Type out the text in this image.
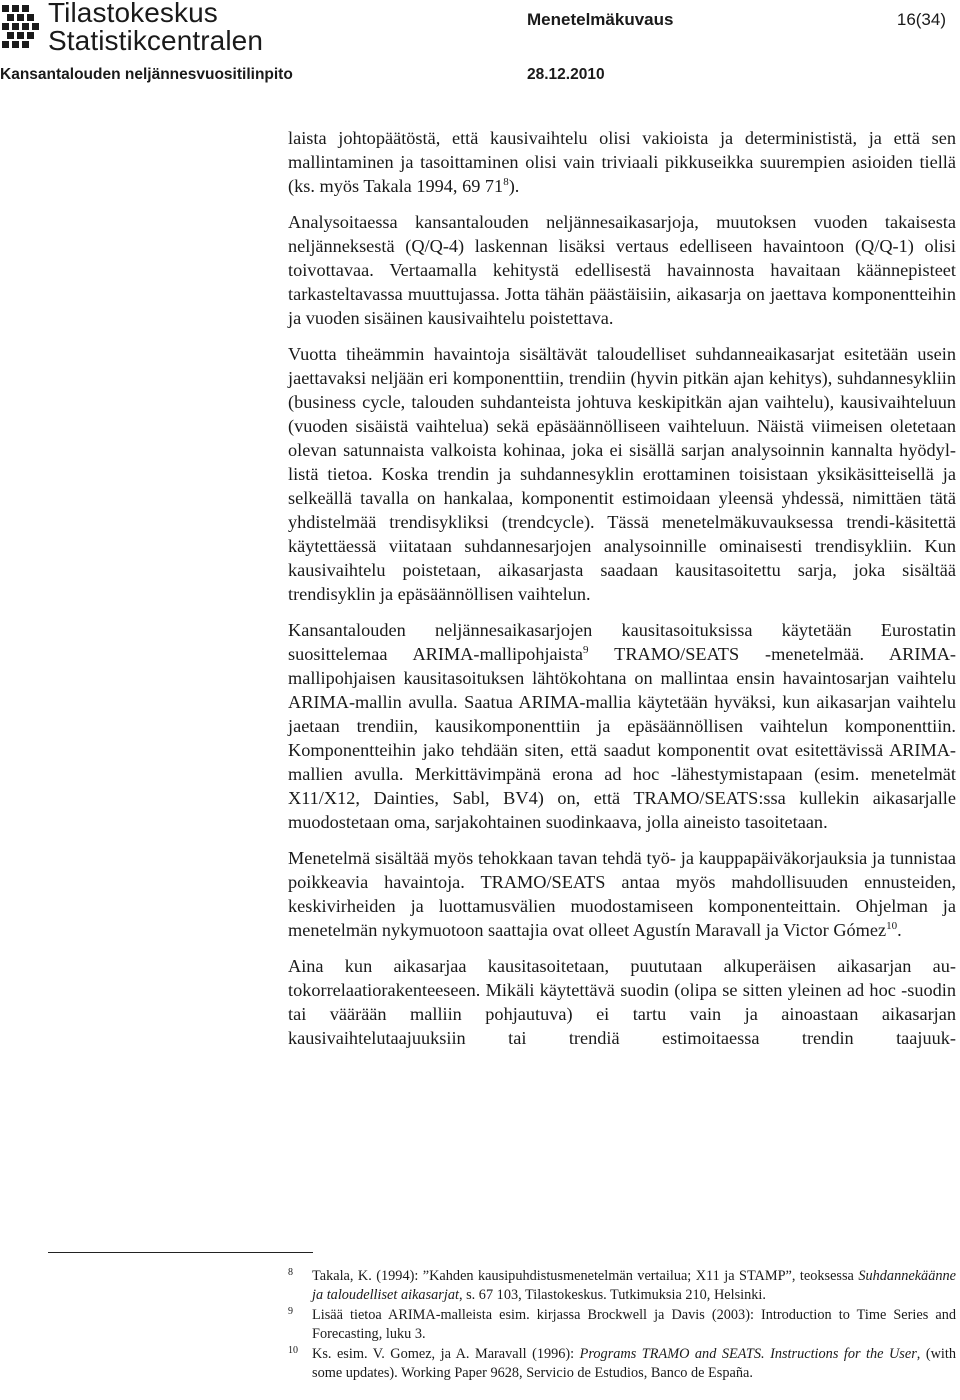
Tilastokeskus
Statistikcentralen
Menetelmäkuvaus	16(34)
Kansantalouden neljännesvuositilinpito	28.12.2010

laista johtopäätöstä, että kausivaihtelu olisi vakioista ja determinististä, ja että sen mallintaminen ja tasoittaminen olisi vain triviaali pikkuseikka suurempien asioiden tiellä (ks. myös Takala 1994, 69 $71^8$).

Analysoitaessa kansantalouden neljännesaikasarjoja, muutoksen vuoden takaisesta neljänneksestä (Q/Q-4) laskennan lisäksi vertaus edelliseen havaintoon (Q/Q-1) olisi toivottavaa. Vertaamalla kehitystä edellisestä havainnosta havaitaan käännepisteet tarkasteltavassa muuttujassa. Jotta tähän päästäisiin, aikasarja on jaettava komponentteihin ja vuoden sisäinen kausivaihtelu poistettava.

Vuotta tiheämmin havaintoja sisältävät taloudelliset suhdanneaikasarjat esitetään usein jaettavaksi neljään eri komponenttiin, trendiin (hyvin pitkän ajan kehitys), suhdannesykliin (business cycle, talouden suhdanteista johtuva keskipitkän ajan vaihtelu), kausivaihteluun (vuoden sisäistä vaihtelua) sekä epäsäännölliseen vaihteluun. Näistä viimeisen oletetaan olevan satunnaista valkoista kohinaa, joka ei sisällä sarjan analysoinnin kannalta hyödyllistä tietoa. Koska trendin ja suhdannesyklin erottaminen toisistaan yksikäsitteisellä ja selkeällä tavalla on hankalaa, komponentit estimoidaan yleensä yhdessä, nimittäen tätä yhdistelmää trendisykliksi (trendcycle). Tässä menetelmäkuvauksessa trendi-käsitettä käytettäessä viitataan suhdannesarjojen analysoinnille ominaisesti trendisykliin. Kun kausivaihtelu poistetaan, aikasarjasta saadaan kausitasoitettu sarja, joka sisältää trendisyklin ja epäsäännöllisen vaihtelun.

Kansantalouden neljännesaikasarjojen kausitasoituksissa käytetään Eurostatin suosittelemaa ARIMA-mallipohjaista$^9$ TRAMO/SEATS -menetelmää. ARIMA-mallipohjaisen kausitasoituksen lähtökohtana on mallintaa ensin havaintosarjan vaihtelu ARIMA-mallin avulla. Saatua ARIMA-mallia käytetään hyväksi, kun aikasarjan vaihtelu jaetaan trendiin, kausikomponenttiin ja epäsäännöllisen vaihtelun komponenttiin. Komponentteihin jako tehdään siten, että saadut komponentit ovat esitettävissä ARIMA-mallien avulla. Merkittävimpänä erona ad hoc -lähestymistapaan (esim. menetelmät X11/X12, Dainties, Sabl, BV4) on, että TRAMO/SEATS:ssa kullekin aikasarjalle muodostetaan oma, sarjakohtainen suodinkaava, jolla aineisto tasoitetaan.

Menetelmä sisältää myös tehokkaan tavan tehdä työ- ja kauppapäiväkorjauksia ja tunnistaa poikkeavia havaintoja. TRAMO/SEATS antaa myös mahdollisuuden ennusteiden, keskivirheiden ja luottamusvälien muodostamiseen komponenteittain. Ohjelman ja menetelmän nykymuotoon saattajia ovat olleet Agustín Maravall ja Victor Gómez$^{10}$.

Aina kun aikasarjaa kausitasoitetaan, puututaan alkuperäisen aikasarjan autokorrelaatiorakenteeseen. Mikäli käytettävä suodin (olipa se sitten yleinen ad hoc -suodin tai väärään malliin pohjautuva) ei tartu vain ja ainoastaan aikasarjan kausivaihtelutaajuuksiin tai trendiä estimoitaessa trendin taajuuk-

8 Takala, K. (1994): ”Kahden kausipuhdistusmenetelmän vertailua; X11 ja STAMP”, teoksessa Suhdannekäänne ja taloudelliset aikasarjat, s. 67 103, Tilastokeskus. Tutkimuksia 210, Helsinki.

9 Lisää tietoa ARIMA-malleista esim. kirjassa Brockwell ja Davis (2003): Introduction to Time Series and Forecasting, luku 3.

10 Ks. esim. V. Gomez, ja A. Maravall (1996): Programs TRAMO and SEATS. Instructions for the User, (with some updates). Working Paper 9628, Servicio de Estudios, Banco de España.
